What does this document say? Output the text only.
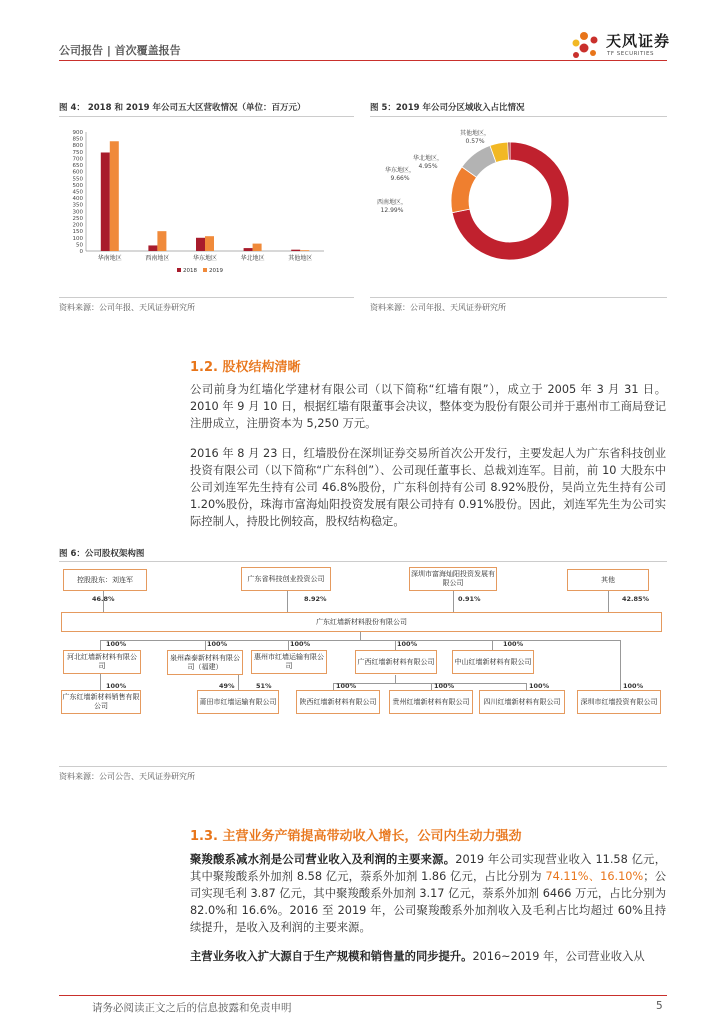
公司报告 | 首次覆盖报告
天风证券
TF SECURITIES
图 4： 2018 和 2019 年公司五大区营收情况（单位：百万元）
0
50
100
150
200
250
300
350
400
450
500
550
600
650
700
750
800
850
900
华南地区	西南地区	华东地区	华北地区	其他地区
2018 2019
资料来源：公司年报、天风证券研究所
图 5：2019 年公司分区域收入占比情况
华南地区，
71.83%
西南地区，
12.99%
华东地区，
9.66%
华北地区，
4.95%
其他地区，
0.57%
资料来源：公司年报、天风证券研究所
1.2. 股权结构清晰
公司前身为红墙化学建材有限公司（以下简称“红墙有限”），成立于 2005 年 3 月 31 日。2010 年 9 月 10 日，根据红墙有限董事会决议，整体变为股份有限公司并于惠州市工商局登记注册成立，注册资本为 5,250 万元。
2016 年 8 月 23 日，红墙股份在深圳证券交易所首次公开发行，主要发起人为广东省科技创业投资有限公司（以下简称“广东科创”）、公司现任董事长、总裁刘连军。目前，前 10 大股东中公司刘连军先生持有公司 46.8%股份，广东科创持有公司 8.92%股份，吴尚立先生持有公司 1.20%股份，珠海市富海灿阳投资发展有限公司持有 0.91%股份。因此，刘连军先生为公司实际控制人，持股比例较高，股权结构稳定。
图 6：公司股权架构图
控股股东：刘连军	广东省科技创业投资公司
深圳市富海灿阳投资发展有限公司	其他
46.8%	8.92%	0.91%	42.85%
广东红墙新材料股份有限公司
100%	100%	100%	100%	100%
河北红墙新材料有限公司
泉州森泰新材料有限公司（福建）
惠州市红墙运输有限公司
广西红墙新材料有限公司	中山红墙新材料有限公司
100%	49%	51%	100%	100%	100%	100%
广东红墙新材料销售有限公司
莆田市红墙运输有限公司	陕西红墙新材料有限公司	贵州红墙新材料有限公司	四川红墙新材料有限公司	深圳市红墙投资有限公司
资料来源：公司公告、天风证券研究所
1.3. 主营业务产销提高带动收入增长，公司内生动力强劲
聚羧酸系减水剂是公司营业收入及利润的主要来源。2019 年公司实现营业收入 11.58 亿元，其中聚羧酸系外加剂 8.58 亿元，萘系外加剂 1.86 亿元，占比分别为 74.11%、16.10%；公司实现毛利 3.87 亿元，其中聚羧酸系外加剂 3.17 亿元，萘系外加剂 6466 万元，占比分别为 82.0%和 16.6%。2016 至 2019 年，公司聚羧酸系外加剂收入及毛利占比均超过 60%且持续提升，是收入及利润的主要来源。
主营业务收入扩大源自于生产规模和销售量的同步提升。2016~2019 年，公司营业收入从
请务必阅读正文之后的信息披露和免责申明	5
